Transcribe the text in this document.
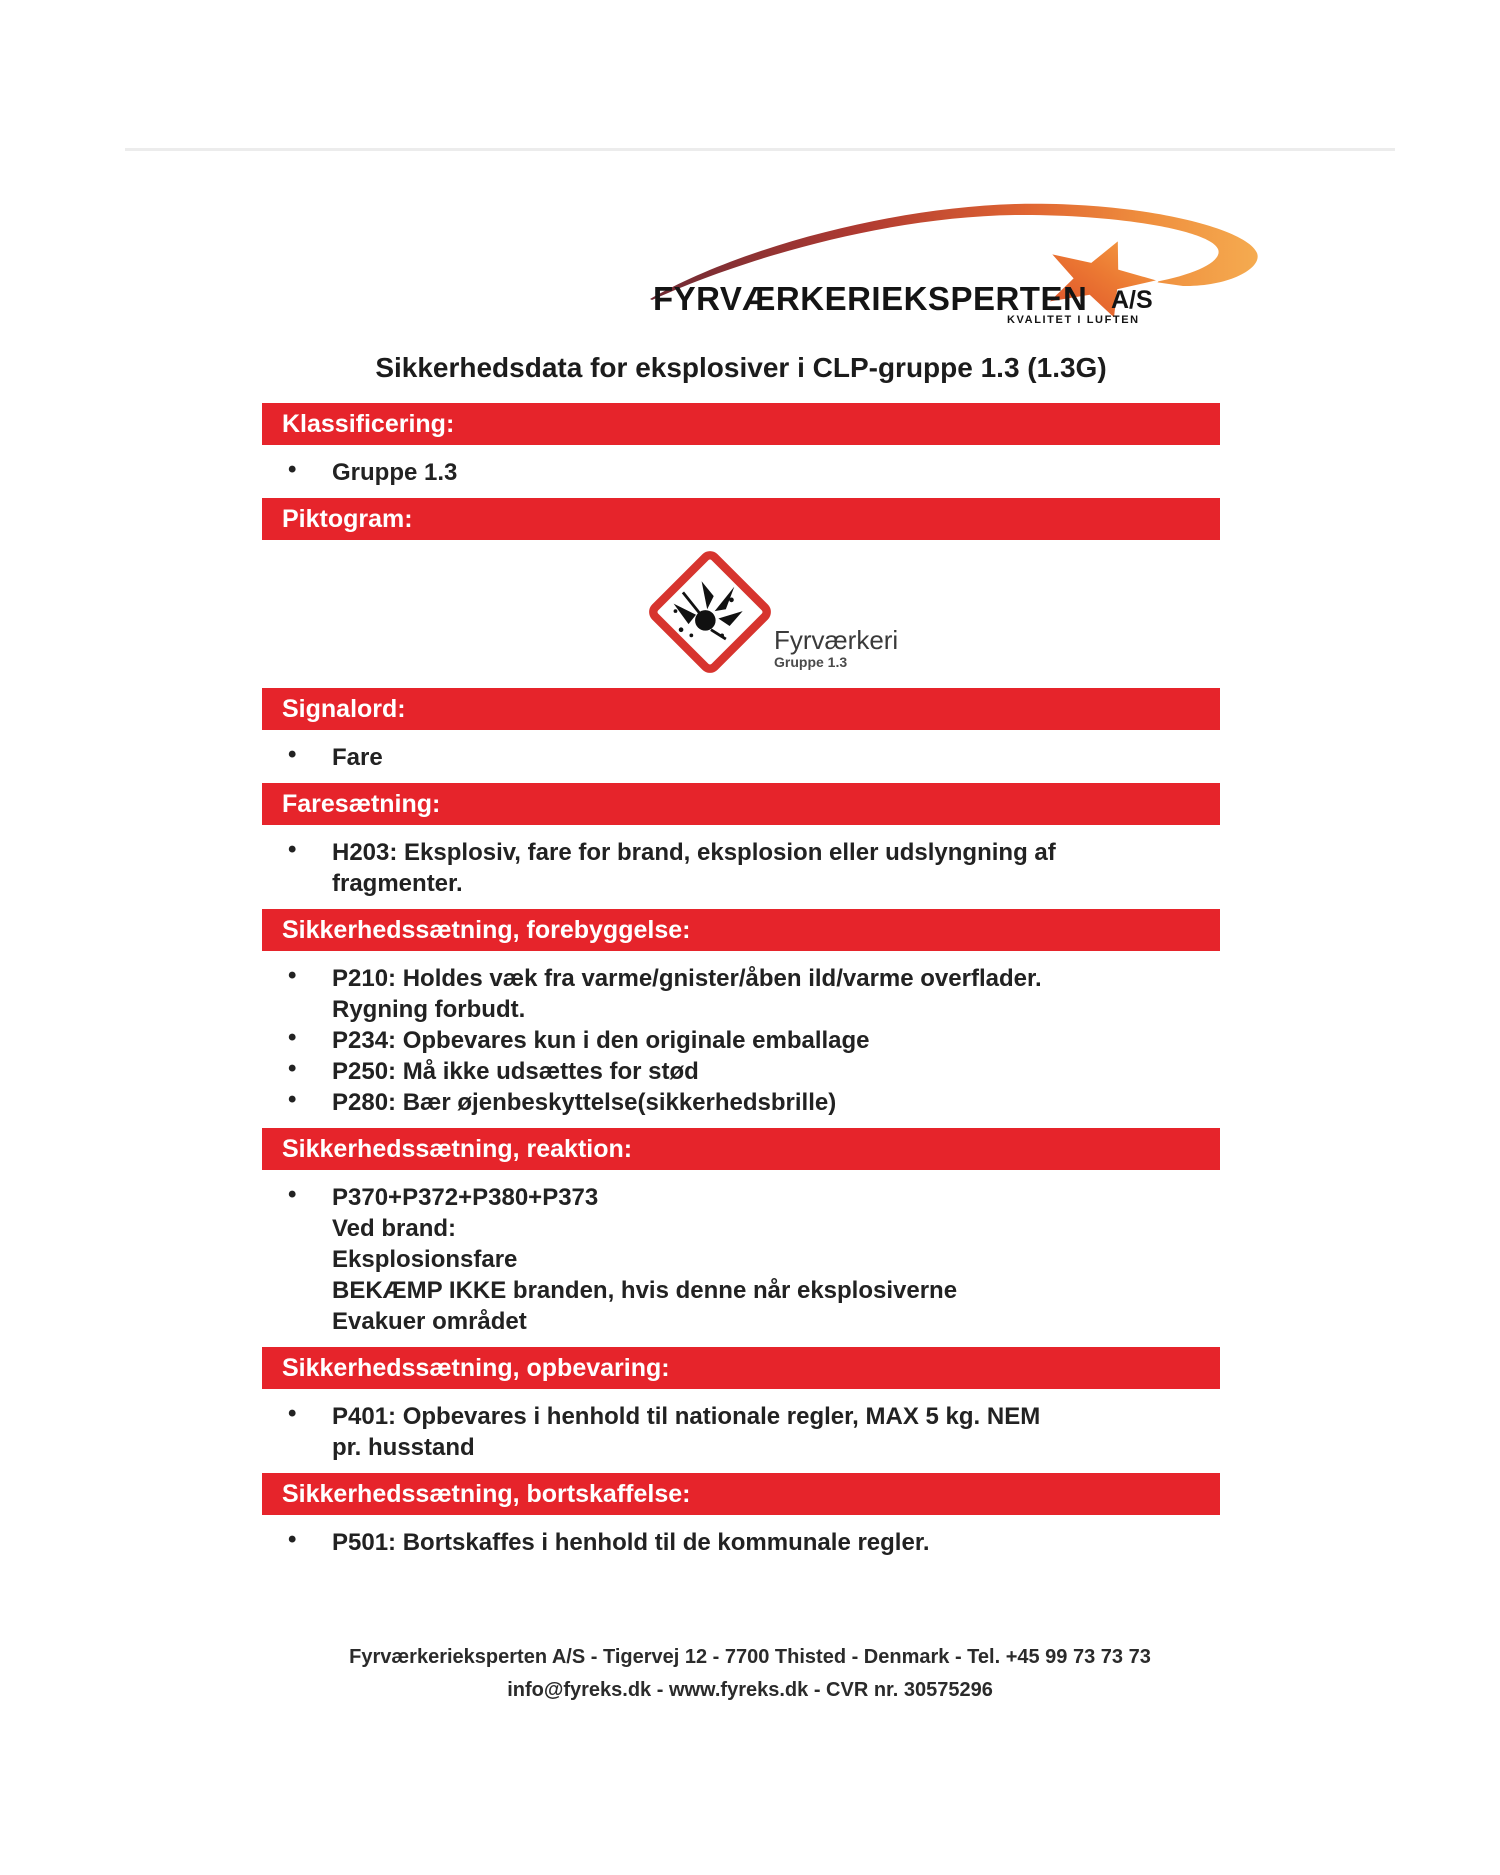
FYRVÆRKERIEKSPERTEN A/S
KVALITET I LUFTEN
Sikkerhedsdata for eksplosiver i CLP-gruppe 1.3 (1.3G)
Klassificering:
• Gruppe 1.3
Piktogram:
Fyrværkeri
Gruppe 1.3
Signalord:
• Fare
Faresætning:
• H203: Eksplosiv, fare for brand, eksplosion eller udslyngning af
fragmenter.
Sikkerhedssætning, forebyggelse:
• P210: Holdes væk fra varme/gnister/åben ild/varme overflader.
Rygning forbudt.
• P234: Opbevares kun i den originale emballage
• P250: Må ikke udsættes for stød
• P280: Bær øjenbeskyttelse(sikkerhedsbrille)
Sikkerhedssætning, reaktion:
• P370+P372+P380+P373
Ved brand:
Eksplosionsfare
BEKÆMP IKKE branden, hvis denne når eksplosiverne
Evakuer området
Sikkerhedssætning, opbevaring:
• P401: Opbevares i henhold til nationale regler, MAX 5 kg. NEM
pr. husstand
Sikkerhedssætning, bortskaffelse:
• P501: Bortskaffes i henhold til de kommunale regler.
Fyrværkerieksperten A/S - Tigervej 12 - 7700 Thisted - Denmark - Tel. +45 99 73 73 73
info@fyreks.dk - www.fyreks.dk - CVR nr. 30575296
